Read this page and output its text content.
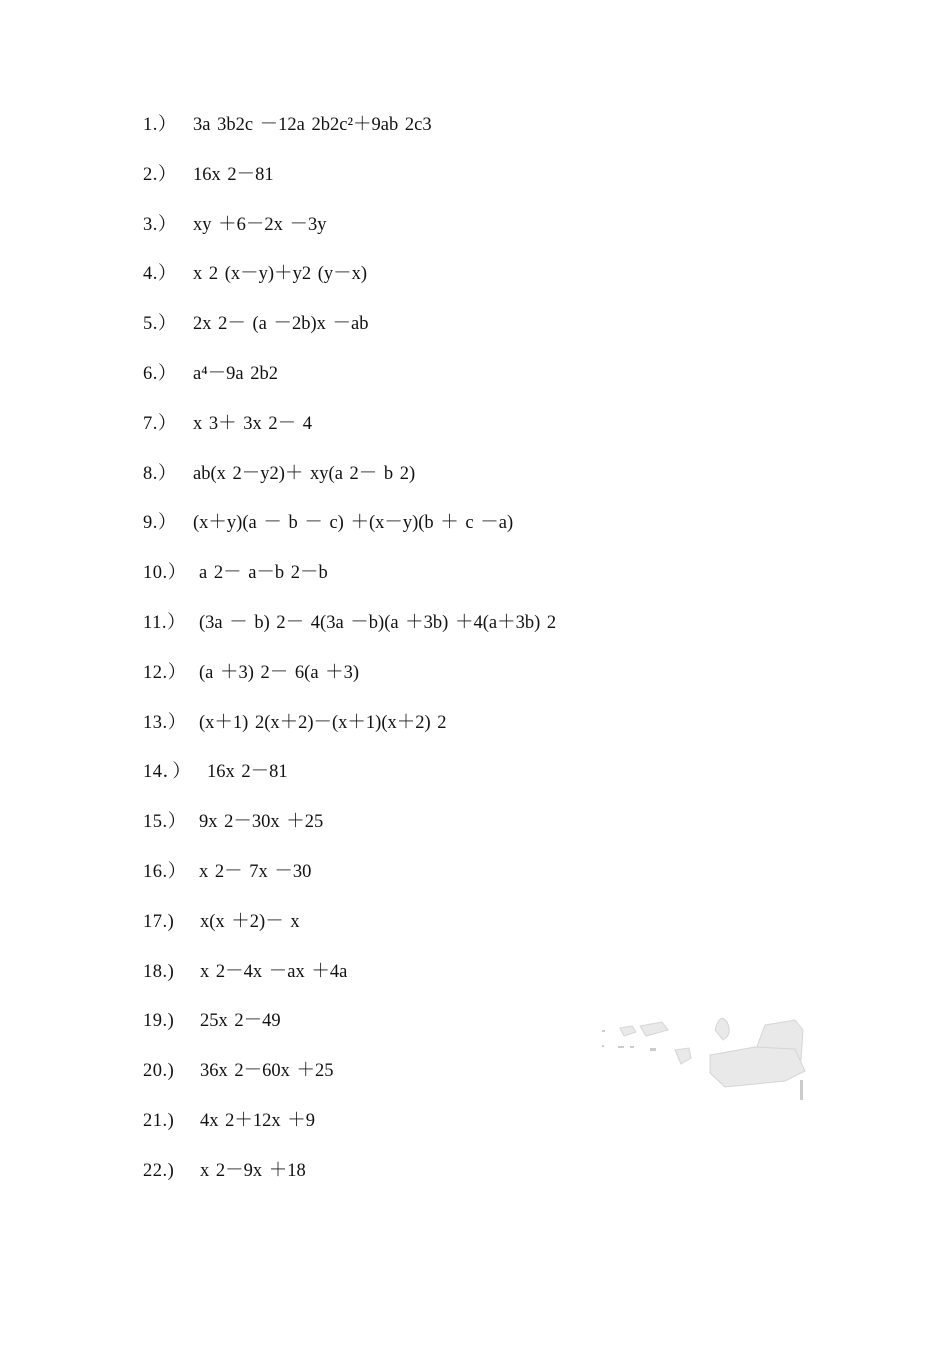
1.） 3a 3b2c －12a 2b2c²＋9ab 2c3
2.） 16x 2－81
3.） xy ＋6－2x －3y
4.） x 2 (x－y)＋y2 (y－x)
5.） 2x 2－ (a －2b)x －ab
6.） a⁴－9a 2b2
7.） x 3＋ 3x 2－ 4
8.） ab(x 2－y2)＋ xy(a 2－ b 2)
9.） (x＋y)(a － b － c) ＋(x－y)(b ＋ c －a)
10.） a 2－ a－b 2－b
11.） (3a － b) 2－ 4(3a －b)(a ＋3b) ＋4(a＋3b) 2
12.） (a ＋3) 2－ 6(a ＋3)
13.） (x＋1) 2(x＋2)－(x＋1)(x＋2) 2
14．） 16x 2－81
15.） 9x 2－30x ＋25
16.） x 2－ 7x －30
17.) x(x ＋2)－ x
18.) x 2－4x －ax ＋4a
19.) 25x 2－49
20.) 36x 2－60x ＋25
21.) 4x 2＋12x ＋9
22.) x 2－9x ＋18
